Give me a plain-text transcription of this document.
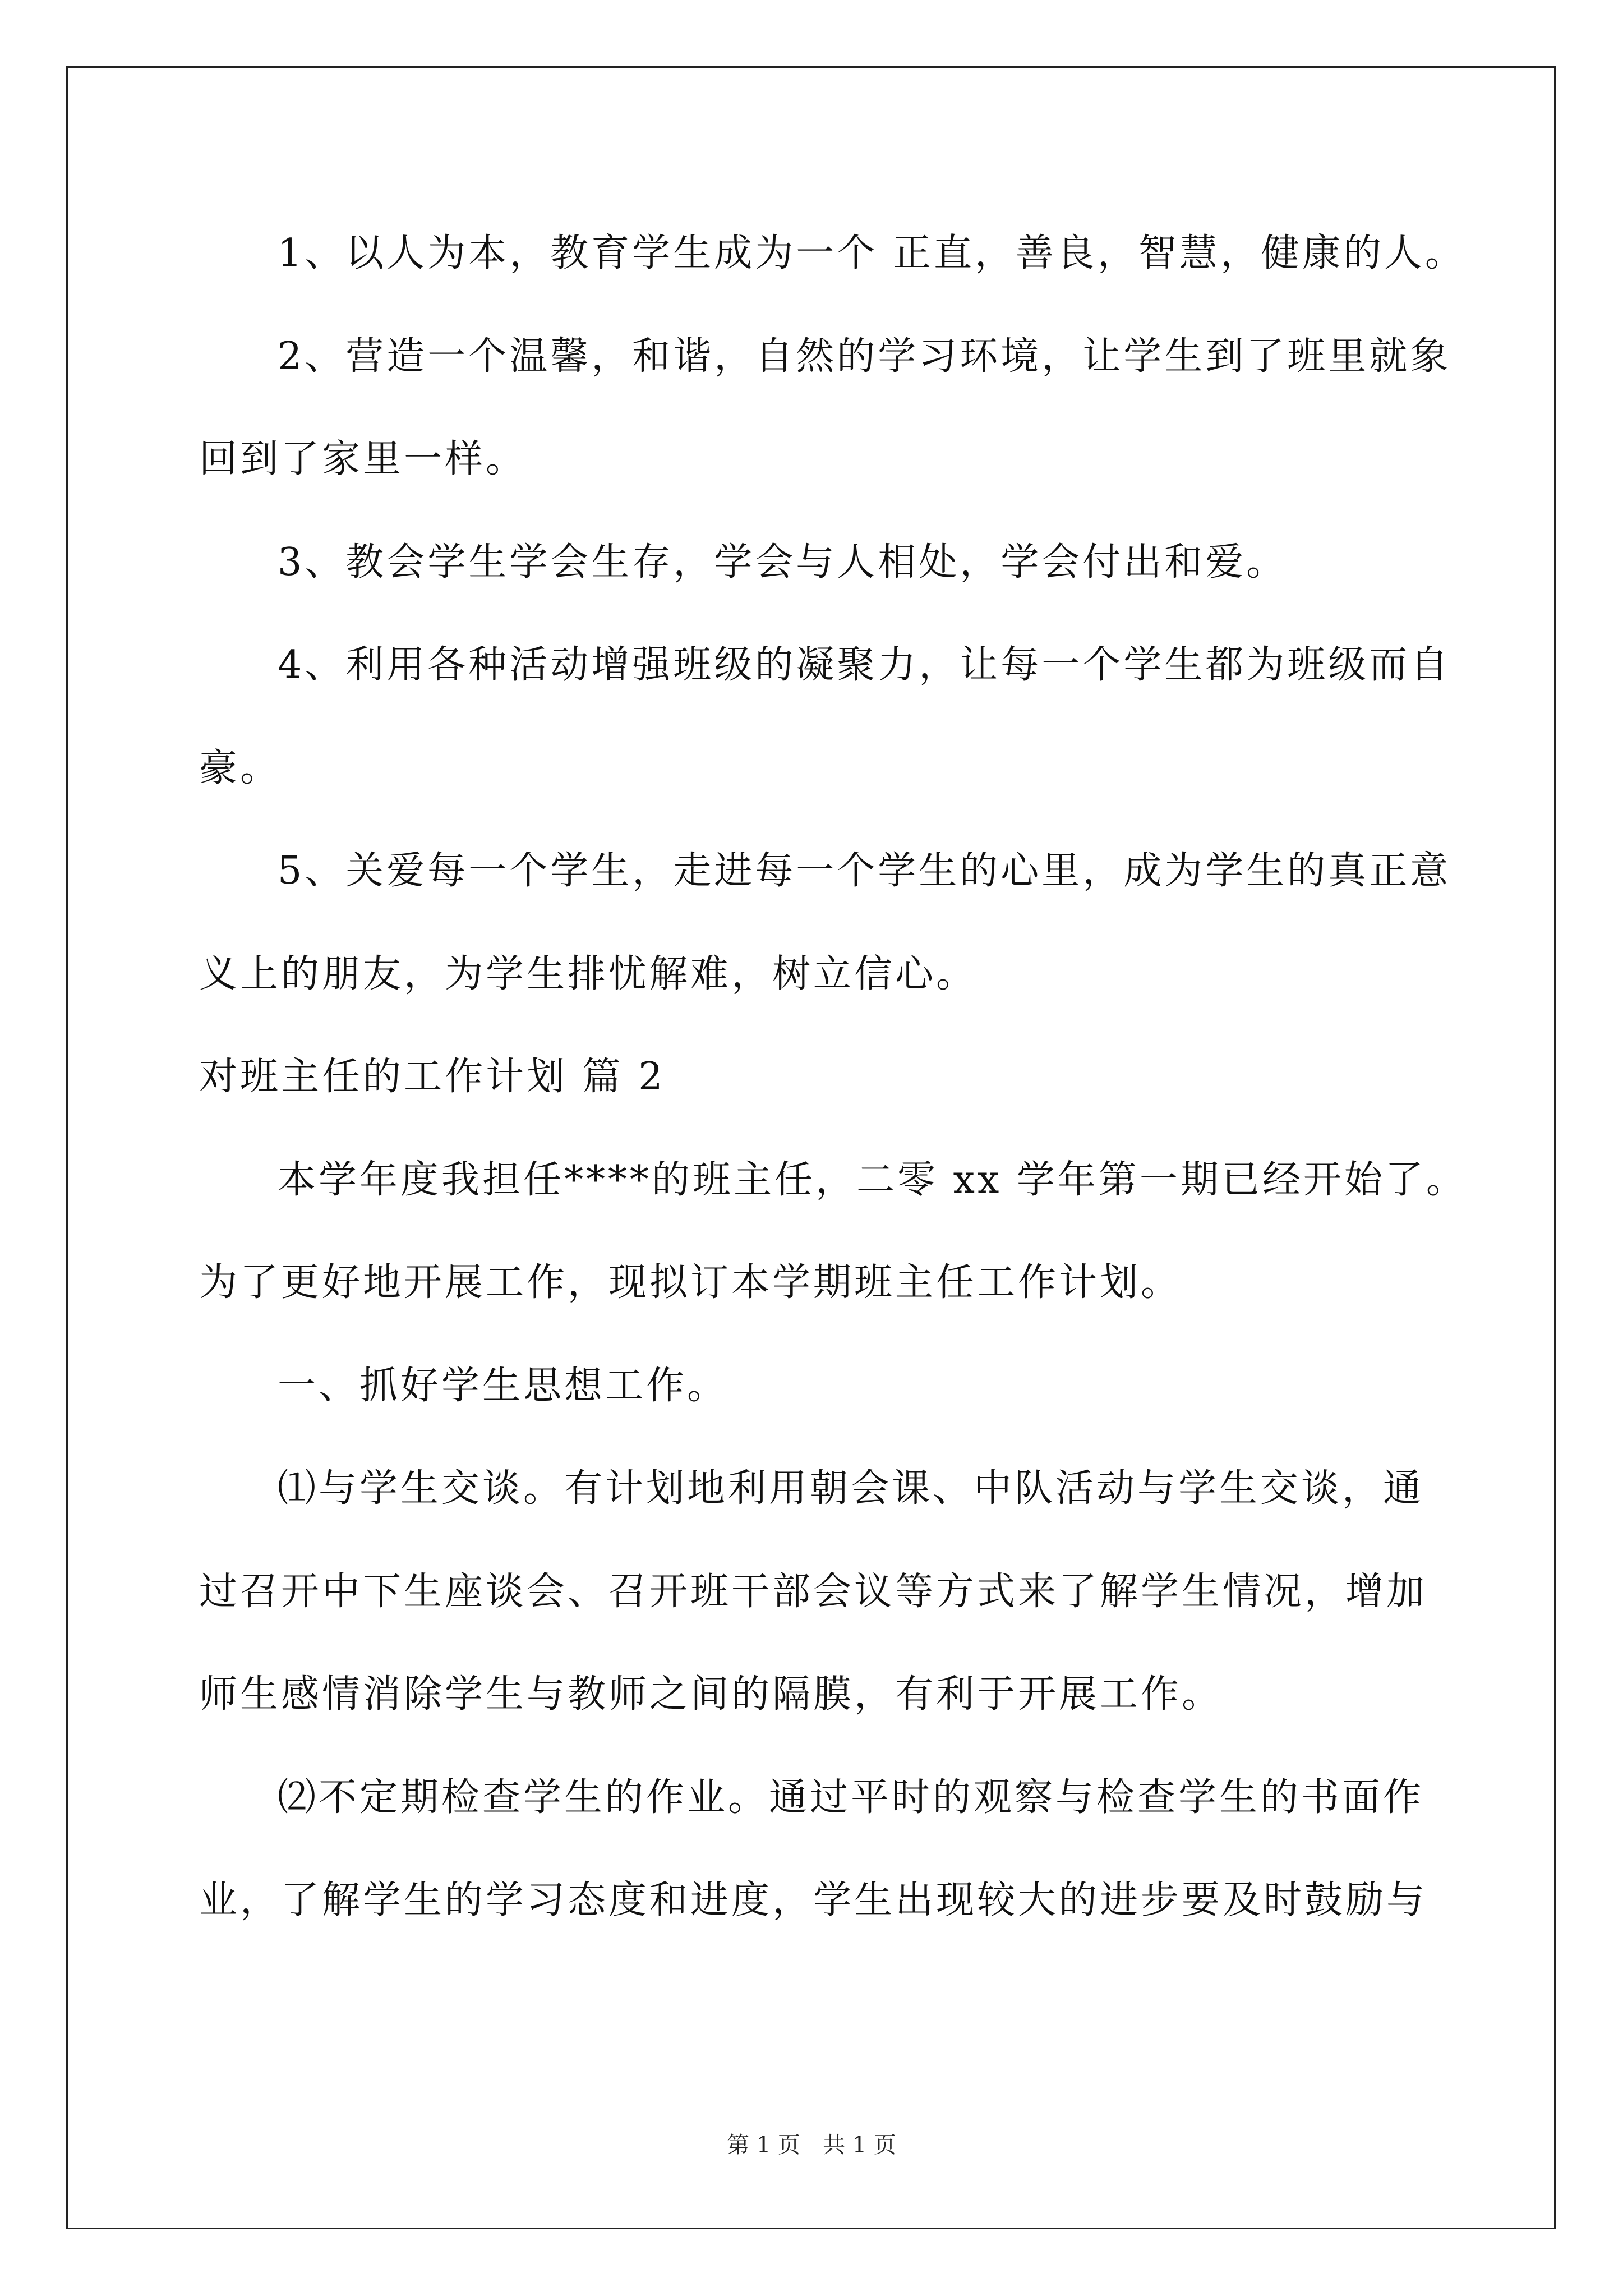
1、以人为本，教育学生成为一个 正直，善良，智慧，健康的人。
2、营造一个温馨，和谐，自然的学习环境，让学生到了班里就象
回到了家里一样。
3、教会学生学会生存，学会与人相处，学会付出和爱。
4、利用各种活动增强班级的凝聚力，让每一个学生都为班级而自
豪。
5、关爱每一个学生，走进每一个学生的心里，成为学生的真正意
义上的朋友，为学生排忧解难，树立信心。
对班主任的工作计划 篇 2
本学年度我担任****的班主任，二零 xx 学年第一期已经开始了。
为了更好地开展工作，现拟订本学期班主任工作计划。
一、抓好学生思想工作。
⑴与学生交谈。有计划地利用朝会课、中队活动与学生交谈，通
过召开中下生座谈会、召开班干部会议等方式来了解学生情况，增加
师生感情消除学生与教师之间的隔膜，有利于开展工作。
⑵不定期检查学生的作业。通过平时的观察与检查学生的书面作
业，了解学生的学习态度和进度，学生出现较大的进步要及时鼓励与
第 1 页　共 1 页
